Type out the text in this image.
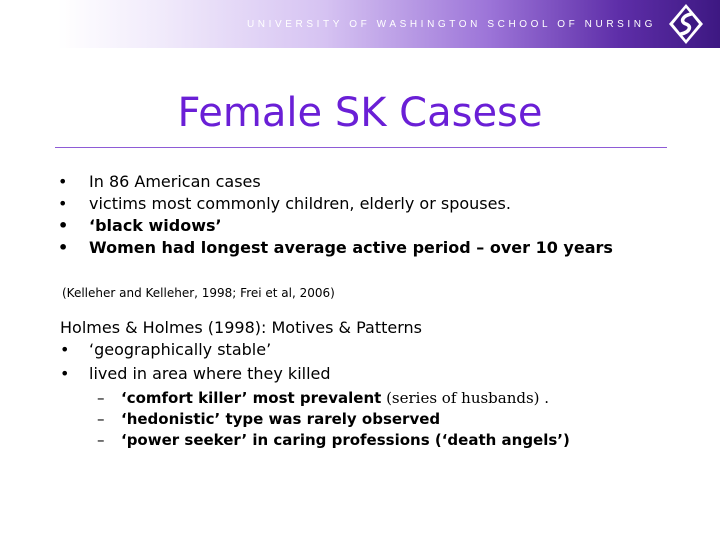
UNIVERSITY OF WASHINGTON SCHOOL OF NURSING
Female SK Casese
• In 86 American cases
• victims most commonly children, elderly or spouses.
• ‘black widows’
• Women had longest average active period – over 10 years
(Kelleher and Kelleher, 1998; Frei et al, 2006)
Holmes & Holmes (1998): Motives & Patterns
• ‘geographically stable’
• lived in area where they killed
– ‘comfort killer’ most prevalent (series of husbands) .
– ‘hedonistic’ type was rarely observed
– ‘power seeker’ in caring professions (‘death angels’)
